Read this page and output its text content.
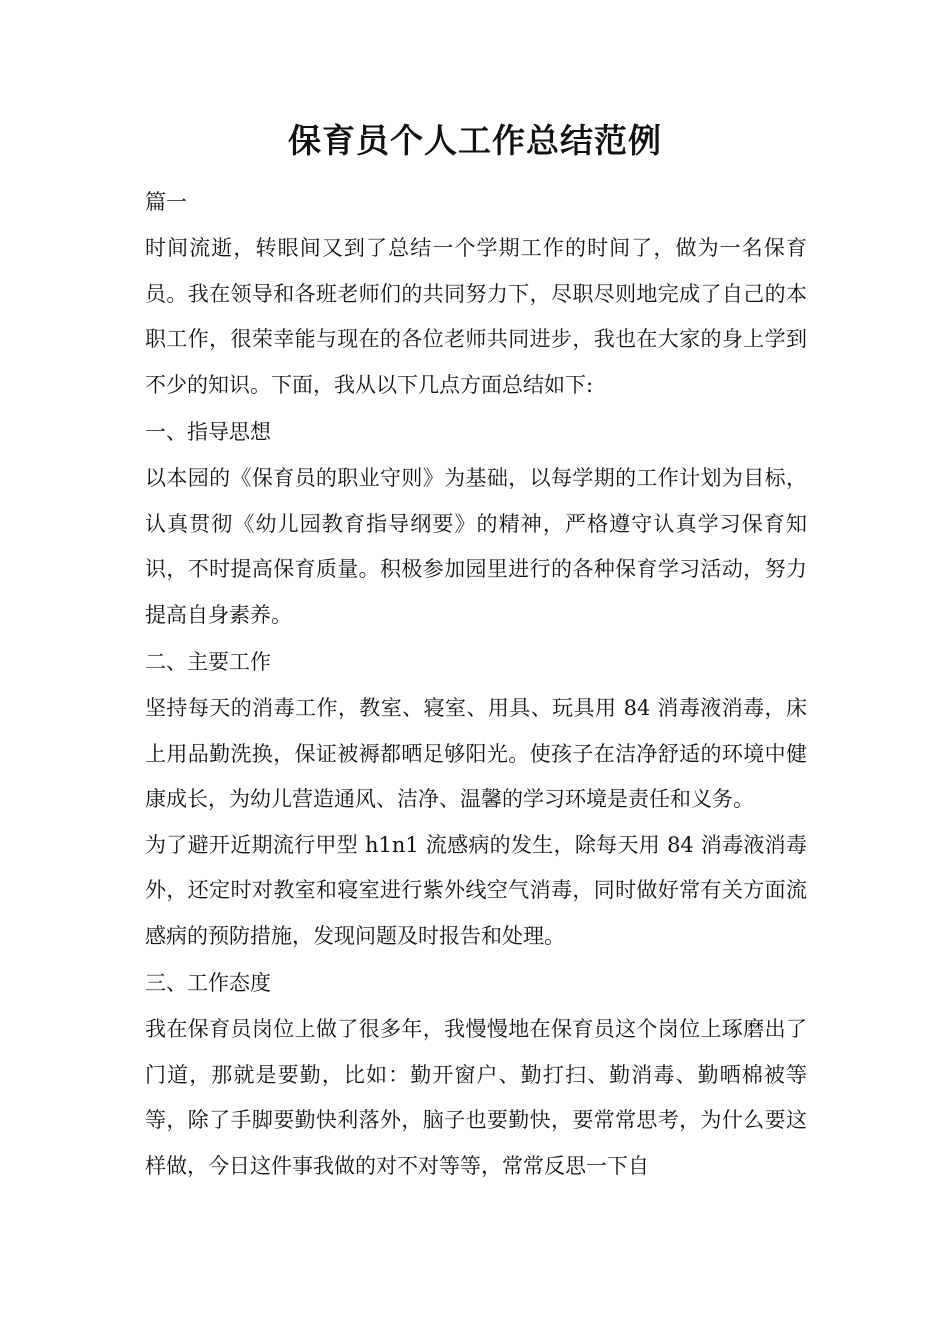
保育员个人工作总结范例
篇一

时间流逝，转眼间又到了总结一个学期工作的时间了，做为一名保育员。我在领导和各班老师们的共同努力下，尽职尽则地完成了自己的本职工作，很荣幸能与现在的各位老师共同进步，我也在大家的身上学到不少的知识。下面，我从以下几点方面总结如下:

一、指导思想

以本园的《保育员的职业守则》为基础，以每学期的工作计划为目标，认真贯彻《幼儿园教育指导纲要》的精神，严格遵守认真学习保育知识，不时提高保育质量。积极参加园里进行的各种保育学习活动，努力提高自身素养。

二、主要工作

坚持每天的消毒工作，教室、寝室、用具、玩具用 84 消毒液消毒，床上用品勤洗换，保证被褥都晒足够阳光。使孩子在洁净舒适的环境中健康成长，为幼儿营造通风、洁净、温馨的学习环境是责任和义务。

为了避开近期流行甲型 h1n1 流感病的发生，除每天用 84 消毒液消毒外，还定时对教室和寝室进行紫外线空气消毒，同时做好常有关方面流感病的预防措施，发现问题及时报告和处理。

三、工作态度

我在保育员岗位上做了很多年，我慢慢地在保育员这个岗位上琢磨出了门道，那就是要勤，比如：勤开窗户、勤打扫、勤消毒、勤晒棉被等等，除了手脚要勤快利落外，脑子也要勤快，要常常思考，为什么要这样做，今日这件事我做的对不对等等，常常反思一下自
